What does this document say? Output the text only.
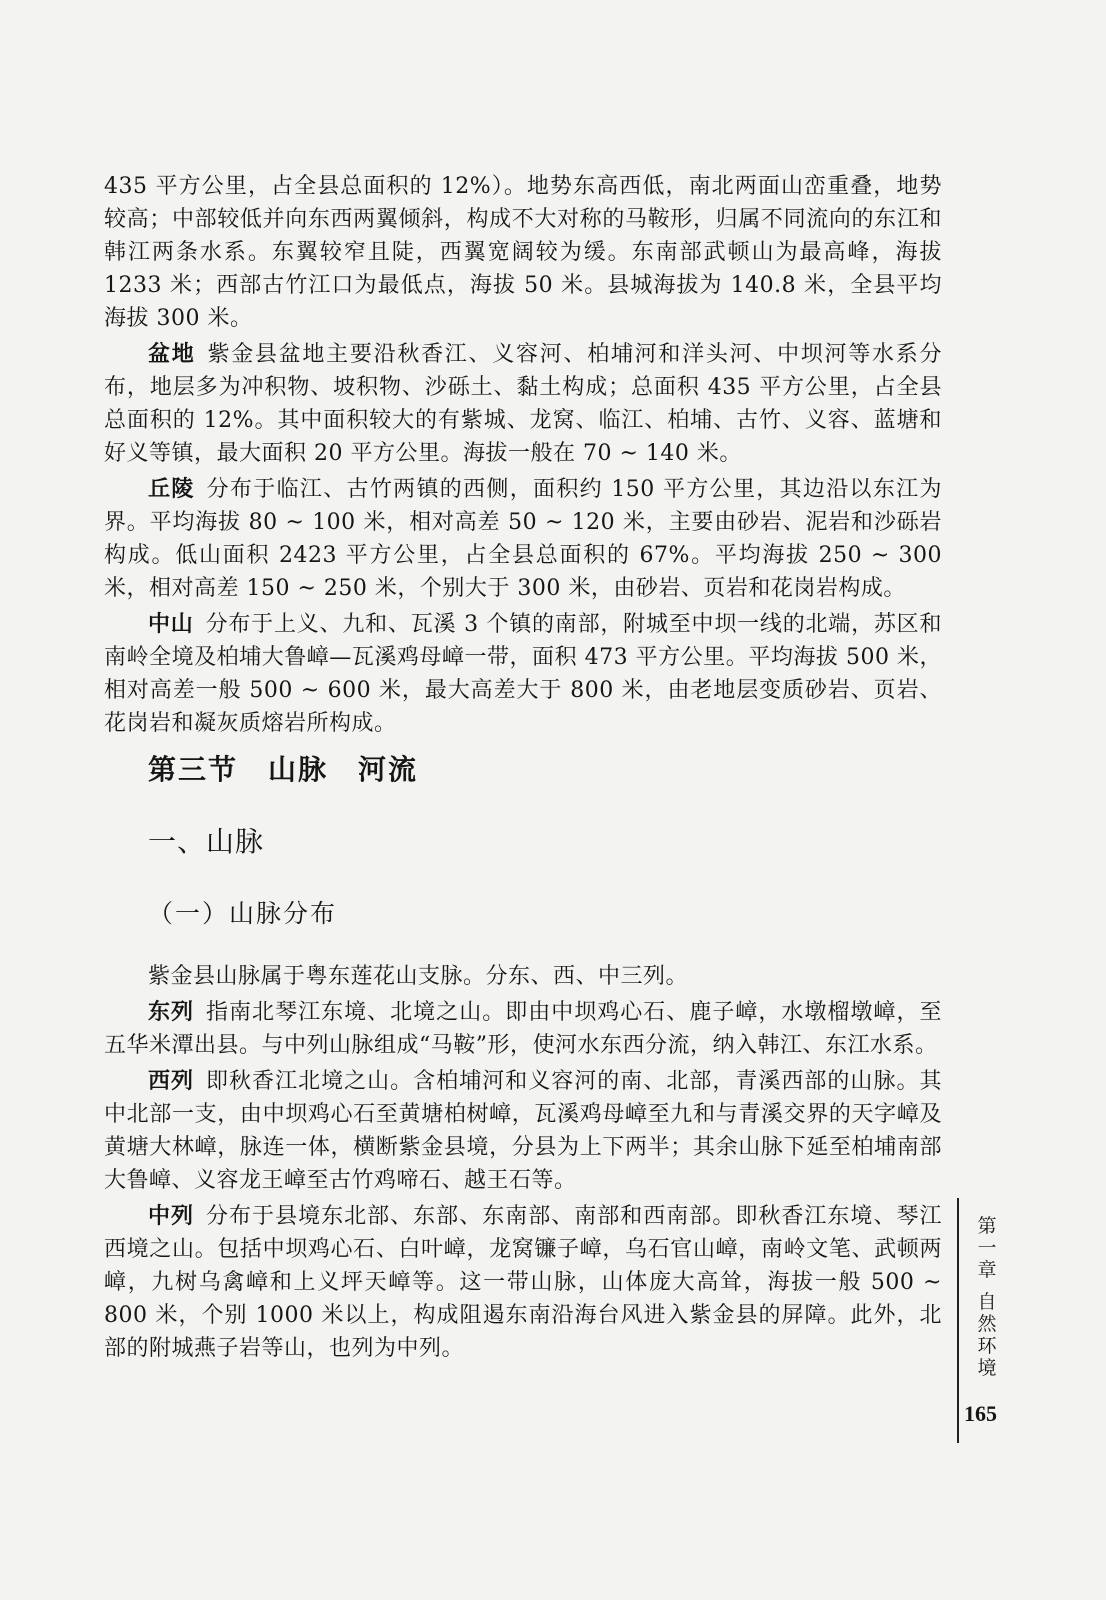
435 平方公里，占全县总面积的 12%）。地势东高西低，南北两面山峦重叠，地势较高；中部较低并向东西两翼倾斜，构成不大对称的马鞍形，归属不同流向的东江和韩江两条水系。东翼较窄且陡，西翼宽阔较为缓。东南部武顿山为最高峰，海拔 1233 米；西部古竹江口为最低点，海拔 50 米。县城海拔为 140.8 米，全县平均海拔 300 米。

盆地 紫金县盆地主要沿秋香江、义容河、柏埔河和洋头河、中坝河等水系分布，地层多为冲积物、坡积物、沙砾土、黏土构成；总面积 435 平方公里，占全县总面积的 12%。其中面积较大的有紫城、龙窝、临江、柏埔、古竹、义容、蓝塘和好义等镇，最大面积 20 平方公里。海拔一般在 70 ~ 140 米。

丘陵 分布于临江、古竹两镇的西侧，面积约 150 平方公里，其边沿以东江为界。平均海拔 80 ~ 100 米，相对高差 50 ~ 120 米，主要由砂岩、泥岩和沙砾岩构成。低山面积 2423 平方公里，占全县总面积的 67%。平均海拔 250 ~ 300 米，相对高差 150 ~ 250 米，个别大于 300 米，由砂岩、页岩和花岗岩构成。

中山 分布于上义、九和、瓦溪 3 个镇的南部，附城至中坝一线的北端，苏区和南岭全境及柏埔大鲁嶂—瓦溪鸡母嶂一带，面积 473 平方公里。平均海拔 500 米，相对高差一般 500 ~ 600 米，最大高差大于 800 米，由老地层变质砂岩、页岩、花岗岩和凝灰质熔岩所构成。

第三节　山脉　河流
一、山脉
（一）山脉分布

紫金县山脉属于粤东莲花山支脉。分东、西、中三列。

东列 指南北琴江东境、北境之山。即由中坝鸡心石、鹿子嶂，水墩榴墩嶂，至五华米潭出县。与中列山脉组成“马鞍”形，使河水东西分流，纳入韩江、东江水系。

西列 即秋香江北境之山。含柏埔河和义容河的南、北部，青溪西部的山脉。其中北部一支，由中坝鸡心石至黄塘柏树嶂，瓦溪鸡母嶂至九和与青溪交界的天字嶂及黄塘大林嶂，脉连一体，横断紫金县境，分县为上下两半；其余山脉下延至柏埔南部大鲁嶂、义容龙王嶂至古竹鸡啼石、越王石等。

中列 分布于县境东北部、东部、东南部、南部和西南部。即秋香江东境、琴江西境之山。包括中坝鸡心石、白叶嶂，龙窝镰子嶂，乌石官山嶂，南岭文笔、武顿两嶂，九树乌禽嶂和上义坪天嶂等。这一带山脉，山体庞大高耸，海拔一般 500 ~ 800 米，个别 1000 米以上，构成阻遏东南沿海台风进入紫金县的屏障。此外，北部的附城燕子岩等山，也列为中列。

第
一
章
自
然
环
境
165
